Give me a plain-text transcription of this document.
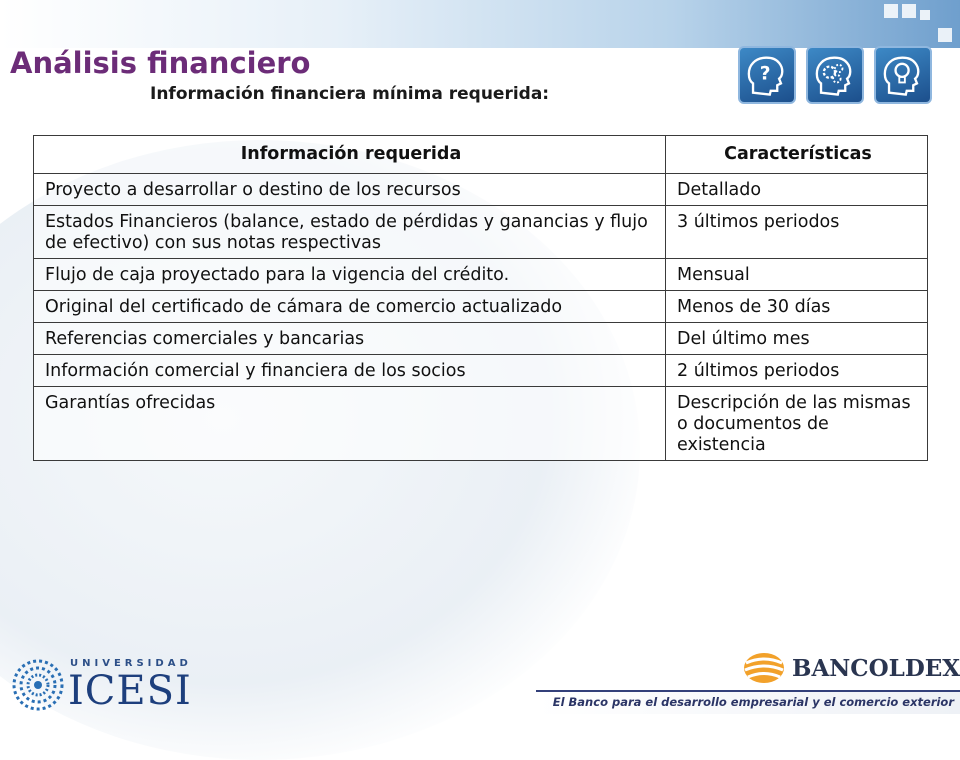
Análisis financiero
Información financiera mínima requerida:
?
Información requerida	Características
Proyecto a desarrollar o destino de los recursos	Detallado
Estados Financieros (balance, estado de pérdidas y ganancias y flujo de efectivo) con sus notas respectivas	3 últimos periodos
Flujo de caja proyectado para la vigencia del crédito.	Mensual
Original del certificado de cámara de comercio actualizado	Menos de 30 días
Referencias comerciales y bancarias	Del último mes
Información comercial y financiera de los socios	2 últimos periodos
Garantías ofrecidas	Descripción de las mismas o documentos de existencia
UNIVERSIDAD
ICESI	BANCOLDEX

El Banco para el desarrollo empresarial y el comercio exterior
